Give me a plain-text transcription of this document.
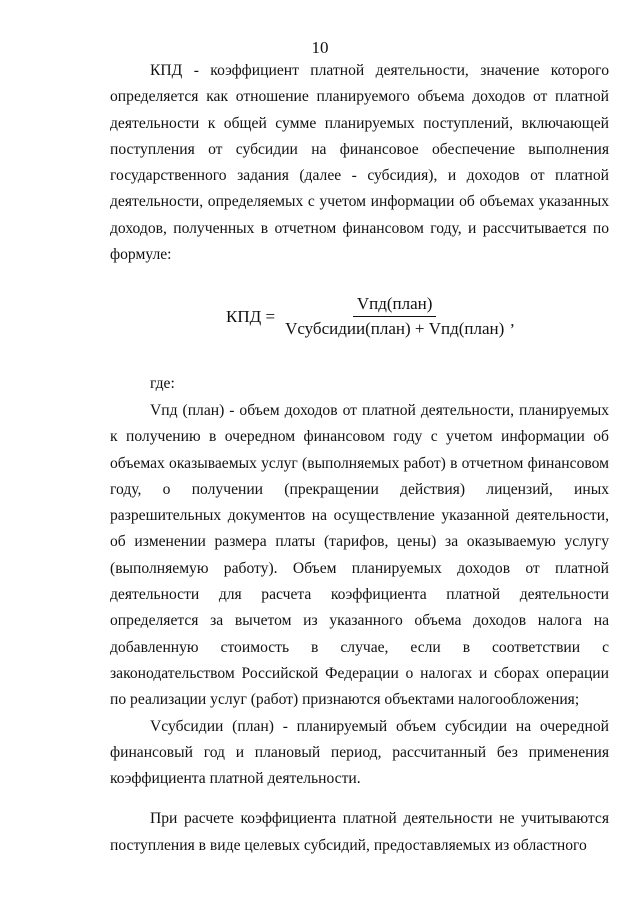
10

КПД - коэффициент платной деятельности, значение которого определяется как отношение планируемого объема доходов от платной деятельности к общей сумме планируемых поступлений, включающей поступления от субсидии на финансовое обеспечение выполнения государственного задания (далее - субсидия), и доходов от платной деятельности, определяемых с учетом информации об объемах указанных доходов, полученных в отчетном финансовом году, и рассчитывается по формуле:

КПД = $\frac{\text{Vпд(план)}}{\text{Vсубсидии(план) + Vпд(план)}}$ ,
где:

Vпд (план) - объем доходов от платной деятельности, планируемых к получению в очередном финансовом году с учетом информации об объемах оказываемых услуг (выполняемых работ) в отчетном финансовом году, о получении (прекращении действия) лицензий, иных разрешительных документов на осуществление указанной деятельности, об изменении размера платы (тарифов, цены) за оказываемую услугу (выполняемую работу). Объем планируемых доходов от платной деятельности для расчета коэффициента платной деятельности определяется за вычетом из указанного объема доходов налога на добавленную стоимость в случае, если в соответствии с законодательством Российской Федерации о налогах и сборах операции по реализации услуг (работ) признаются объектами налогообложения;

Vсубсидии (план) - планируемый объем субсидии на очередной финансовый год и плановый период, рассчитанный без применения коэффициента платной деятельности.

При расчете коэффициента платной деятельности не учитываются поступления в виде целевых субсидий, предоставляемых из областного
